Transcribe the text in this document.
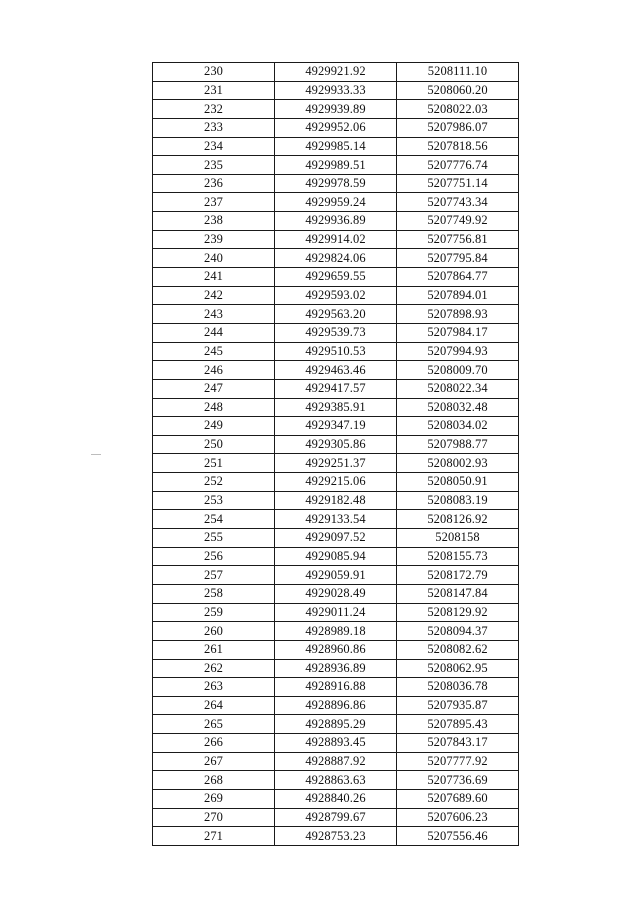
230	4929921.92	5208111.10
231	4929933.33	5208060.20
232	4929939.89	5208022.03
233	4929952.06	5207986.07
234	4929985.14	5207818.56
235	4929989.51	5207776.74
236	4929978.59	5207751.14
237	4929959.24	5207743.34
238	4929936.89	5207749.92
239	4929914.02	5207756.81
240	4929824.06	5207795.84
241	4929659.55	5207864.77
242	4929593.02	5207894.01
243	4929563.20	5207898.93
244	4929539.73	5207984.17
245	4929510.53	5207994.93
246	4929463.46	5208009.70
247	4929417.57	5208022.34
248	4929385.91	5208032.48
249	4929347.19	5208034.02
250	4929305.86	5207988.77
251	4929251.37	5208002.93
252	4929215.06	5208050.91
253	4929182.48	5208083.19
254	4929133.54	5208126.92
255	4929097.52	5208158
256	4929085.94	5208155.73
257	4929059.91	5208172.79
258	4929028.49	5208147.84
259	4929011.24	5208129.92
260	4928989.18	5208094.37
261	4928960.86	5208082.62
262	4928936.89	5208062.95
263	4928916.88	5208036.78
264	4928896.86	5207935.87
265	4928895.29	5207895.43
266	4928893.45	5207843.17
267	4928887.92	5207777.92
268	4928863.63	5207736.69
269	4928840.26	5207689.60
270	4928799.67	5207606.23
271	4928753.23	5207556.46
